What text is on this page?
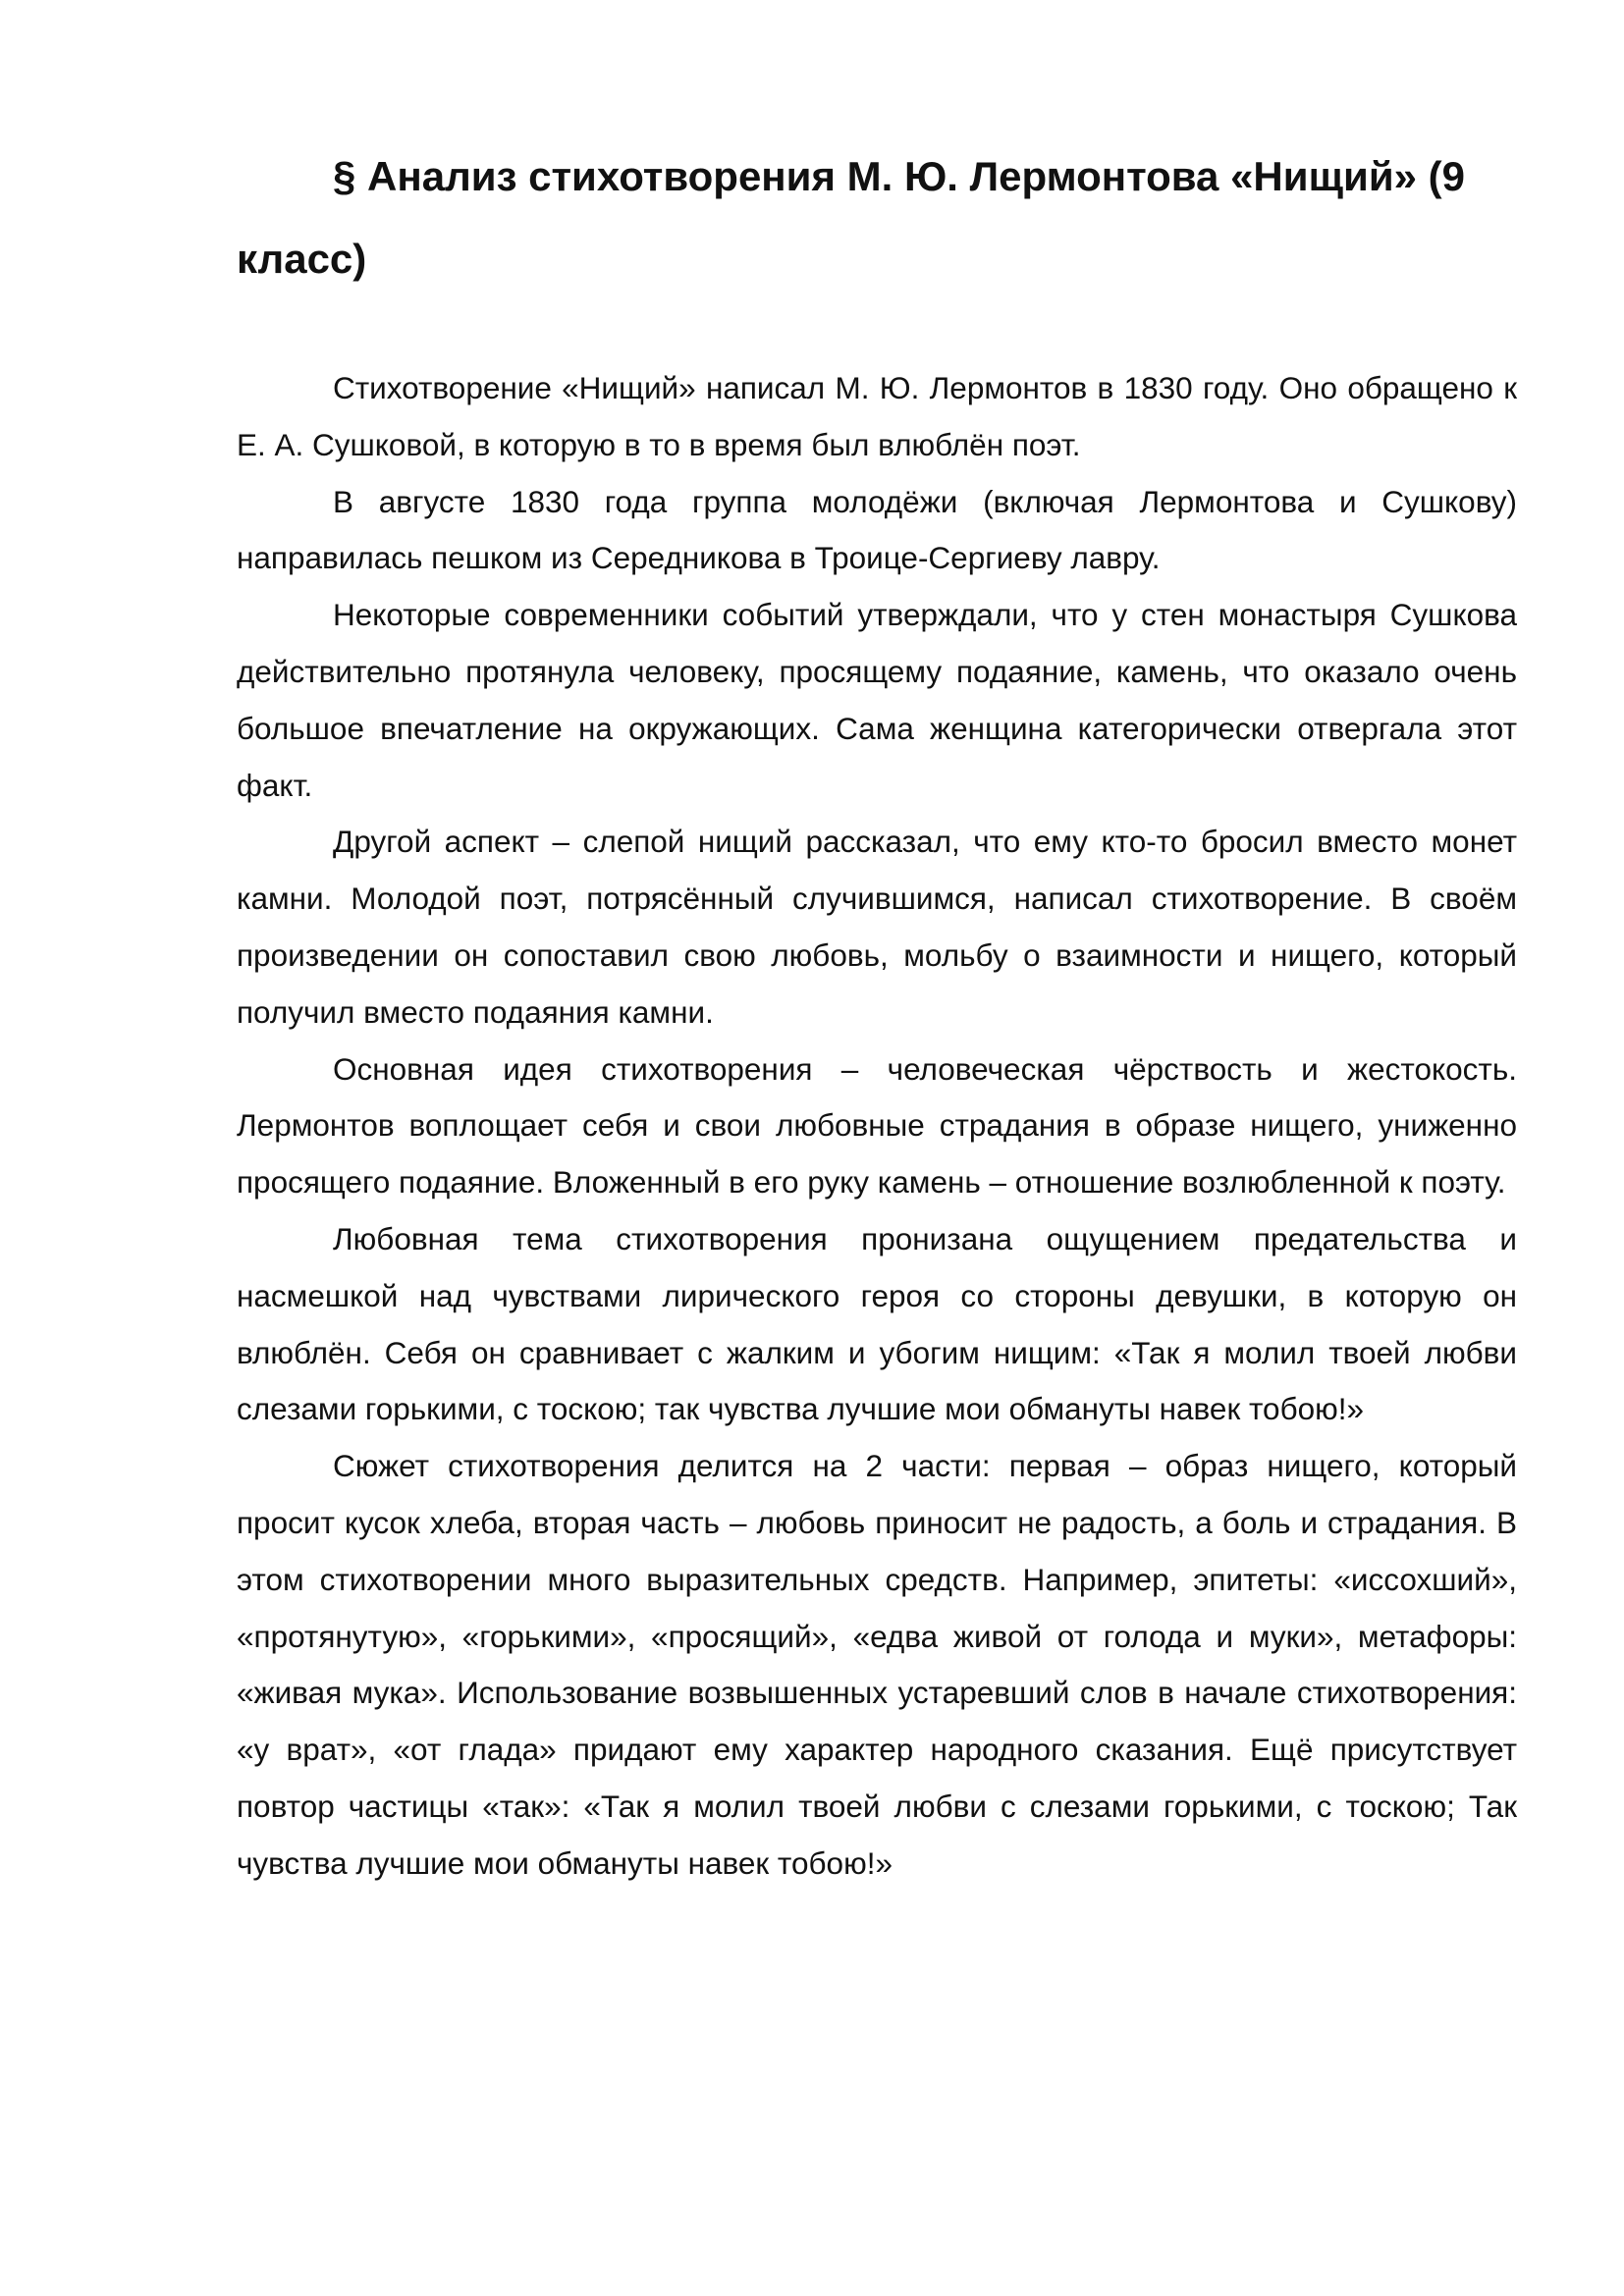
§ Анализ стихотворения М. Ю. Лермонтова «Нищий» (9 класс)

Стихотворение «Нищий» написал М. Ю. Лермонтов в 1830 году. Оно обращено к Е. А. Сушковой, в которую в то в время был влюблён поэт.

В августе 1830 года группа молодёжи (включая Лермонтова и Сушкову) направилась пешком из Середникова в Троице-Сергиеву лавру.

Некоторые современники событий утверждали, что у стен монастыря Сушкова действительно протянула человеку, просящему подаяние, камень, что оказало очень большое впечатление на окружающих. Сама женщина категорически отвергала этот факт.

Другой аспект – слепой нищий рассказал, что ему кто-то бросил вместо монет камни. Молодой поэт, потрясённый случившимся, написал стихотворение. В своём произведении он сопоставил свою любовь, мольбу о взаимности и нищего, который получил вместо подаяния камни.

Основная идея стихотворения – человеческая чёрствость и жестокость. Лермонтов воплощает себя и свои любовные страдания в образе нищего, униженно просящего подаяние. Вложенный в его руку камень – отношение возлюбленной к поэту.

Любовная тема стихотворения пронизана ощущением предательства и насмешкой над чувствами лирического героя со стороны девушки, в которую он влюблён. Себя он сравнивает с жалким и убогим нищим: «Так я молил твоей любви слезами горькими, с тоскою; так чувства лучшие мои обмануты навек тобою!»

Сюжет стихотворения делится на 2 части: первая – образ нищего, который просит кусок хлеба, вторая часть – любовь приносит не радость, а боль и страдания. В этом стихотворении много выразительных средств. Например, эпитеты: «иссохший», «протянутую», «горькими», «просящий», «едва живой от голода и муки», метафоры: «живая мука». Использование возвышенных устаревший слов в начале стихотворения: «у врат», «от глада» придают ему характер народного сказания. Ещё присутствует повтор частицы «так»: «Так я молил твоей любви с слезами горькими, с тоскою; Так чувства лучшие мои обмануты навек тобою!»
